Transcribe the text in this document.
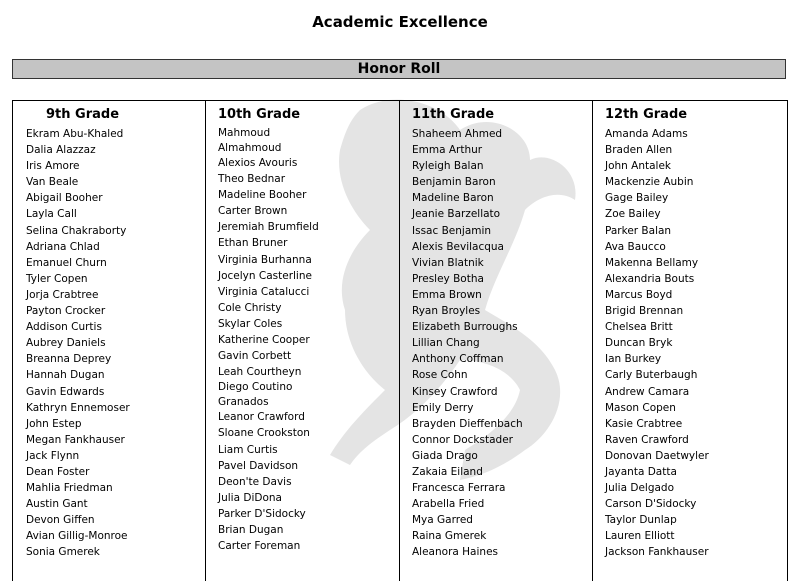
Academic Excellence
Honor Roll
9th Grade
Ekram Abu-Khaled
Dalia Alazzaz
Iris Amore
Van Beale
Abigail Booher
Layla Call
Selina Chakraborty
Adriana Chlad
Emanuel Churn
Tyler Copen
Jorja Crabtree
Payton Crocker
Addison Curtis
Aubrey Daniels
Breanna Deprey
Hannah Dugan
Gavin Edwards
Kathryn Ennemoser
John Estep
Megan Fankhauser
Jack Flynn
Dean Foster
Mahlia Friedman
Austin Gant
Devon Giffen
Avian Gillig-Monroe
Sonia Gmerek
10th Grade
Mahmoud
Almahmoud
Alexios Avouris
Theo Bednar
Madeline Booher
Carter Brown
Jeremiah Brumfield
Ethan Bruner
Virginia Burhanna
Jocelyn Casterline
Virginia Catalucci
Cole Christy
Skylar Coles
Katherine Cooper
Gavin Corbett
Leah Courtheyn
Diego Coutino
Granados
Leanor Crawford
Sloane Crookston
Liam Curtis
Pavel Davidson
Deon'te Davis
Julia DiDona
Parker D'Sidocky
Brian Dugan
Carter Foreman
11th Grade
Shaheem Ahmed
Emma Arthur
Ryleigh Balan
Benjamin Baron
Madeline Baron
Jeanie Barzellato
Issac Benjamin
Alexis Bevilacqua
Vivian Blatnik
Presley Botha
Emma Brown
Ryan Broyles
Elizabeth Burroughs
Lillian Chang
Anthony Coffman
Rose Cohn
Kinsey Crawford
Emily Derry
Brayden Dieffenbach
Connor Dockstader
Giada Drago
Zakaia Eiland
Francesca Ferrara
Arabella Fried
Mya Garred
Raina Gmerek
Aleanora Haines
12th Grade
Amanda Adams
Braden Allen
John Antalek
Mackenzie Aubin
Gage Bailey
Zoe Bailey
Parker Balan
Ava Baucco
Makenna Bellamy
Alexandria Bouts
Marcus Boyd
Brigid Brennan
Chelsea Britt
Duncan Bryk
Ian Burkey
Carly Buterbaugh
Andrew Camara
Mason Copen
Kasie Crabtree
Raven Crawford
Donovan Daetwyler
Jayanta Datta
Julia Delgado
Carson D'Sidocky
Taylor Dunlap
Lauren Elliott
Jackson Fankhauser
